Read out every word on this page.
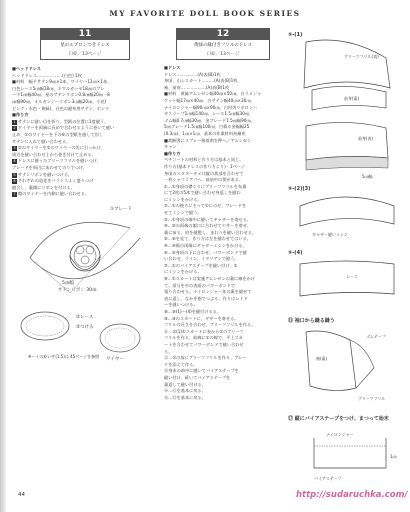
MY FAVORITE DOLL BOOK SERIES
11
星のエプロンつきドレス
口絵／13ページ
■ヘッドドレス
ヘッドドレス………………(白色) 1枚
■材料　幅テサテン9㎝×1本、ワイヤー12㎝×1本、
白色レース5㎝幅18㎝、ネマルガーゼ18㎝のブレ
ード1㎝幅40㎝、星のサテンリボン0.8㎝幅20㎝・8
㎝幅90㎝、オルガンジーリボン3㎝幅20㎝、小花(
ピンク・水色・黄緑)、白色の縫糸用サテン、ボンド
■作り方
1 サテンに縫い目を折り、型紙の位置に1度縫う。
2 ワイヤーを両端に長めで合わせるように巻いて縫い
止め、①のワイヤーを下の⑥の型紙を通して回し
サテンに入れて縫い合わせる。
3 ②のワイヤーを①のワイヤーの先に引っかけ、
周辺を縫い合わせ上から巻き付けて止める。
4 ドレスに縫ったブリーツフリルを縫いつけ、
ブレードを周辺にあわせてのりでつけ、
5 サテンリボンを縫いつける。
6 それぞれの造花をバランスよく盛りつけ
縫合し、裏側にリボンを付ける。
7 帽のワイヤーを内側に縫い合わせる。
①ブレード
5㎝幅
サテンリボン 30㎝
②レース
②つける
ワイヤー
※ーミの絵いサ(1,5)は 45ページを参照
12
黄緑の縁付きフリルのドレス
口絵／13ページ
■ドレス
ドレス……………(A)表(B)1枚
身頃、山シスカート………(A)表(B)1枚
袖、前肩………………(A)表(B)1枚
■材料　黄緑アムンゼン幅40㎝×50㎝、白ラメジャ
ケット幅17㎝×40㎝、白サテン幅40㎝×30㎝、
ナイロンジャー幅90㎝×90㎝、白用列リボロンハ
ギスラープ1㎝幅140㎝、レース1.5㎝幅30㎝、
ゴム幅0.7㎝幅30㎝、金ブレード1.5㎝幅90㎝、
5㎝ブレード1.5㎝幅100㎝、白幕ホ金幅幅25
(0.3㎝)、1㎝×1㎝、基本の作業材料糸緒糸
■裁断図にスプレー接着剤を押へ／アムンゼン
キャン
■作り方
ペチコートの材料と作り方は基本と同じ。
作り方(基本ドレスの作り方より)・1ページ
身頃のスタヌーキメは縦の裁部を合わせて
一枚シャツラアパへ。前前中の要がある。
①…①身頃の襟ぐりにブリーツフリルを布裏
にて2枚の5本で縫い合わせ身返しを縫わ
にミシンをかける。
②…①の後ろにそって①にのせ、ブレードを
せてミシンで縫う。
③…①身頃の端中に縫いてギャザーを寄せる。
④…⑤の両端の額口に合わせてヤサーを寄せ、
裏に前る、肩を縫製し、まわりを縫い合わせる。
⑤…⑥を見て、作り方は左を縫わせてはいる。
④…④裾の両端にギャザーミシンをかける。
⑥…⑥身頃の下に合わせ、パワーボンドで縫
い合わせ、ライン、イタリアンで縫う。
⑦…①のバイアステープを縫い付け、①
にミシンをかける。
⑧…①スカートは実施アムンゼンの裏に線をかけ
て、部分を中の表面のパワーボンドで
張り合わせる。ナイロンジャー年の裏を縫せて
表に返し、なかを指でつぶる、作りはレトド
ーを縫いつける。
⑨…⑨(1)〜(4)を縫付けるる。
⑩…⑩のスカートに、ギザーを寄せる。
フリルの長さを合わせ、ブリーツフリルを作る。
⑪…①(1)①スカートに表から①のブリーツ
フリルを作る。前線に①の線で、平上スカ
ートを合わせてパワーボンドで縫い合わせ
る。
⑫…①の前にブリーツフリルを作り、ブレー
ドを添えて作る。
⑬身本の前中に縫いてバイアステープを
縫い付け、続いてバイアステープを
裏返して縫い付ける。
⑭…⑫を基本に戻る。
⑮…⑬を基本に戻る。
⑨-(1)
ブリーツフリル(表)
前身(裏)
前身(表)
5㎝幅
⑨-(2)(3)
ギャザー縫いミシン
⑨-(4)
レース
⑬ 袖口から縫る縫う
ゴムテープ
袖(裏)
ブリーツフリル
⑰ 縦にバイアステープをつけ、まつって始末
ナイロンジャー
バイアステープ
1㎝
44	http://sudaruchka.com/
